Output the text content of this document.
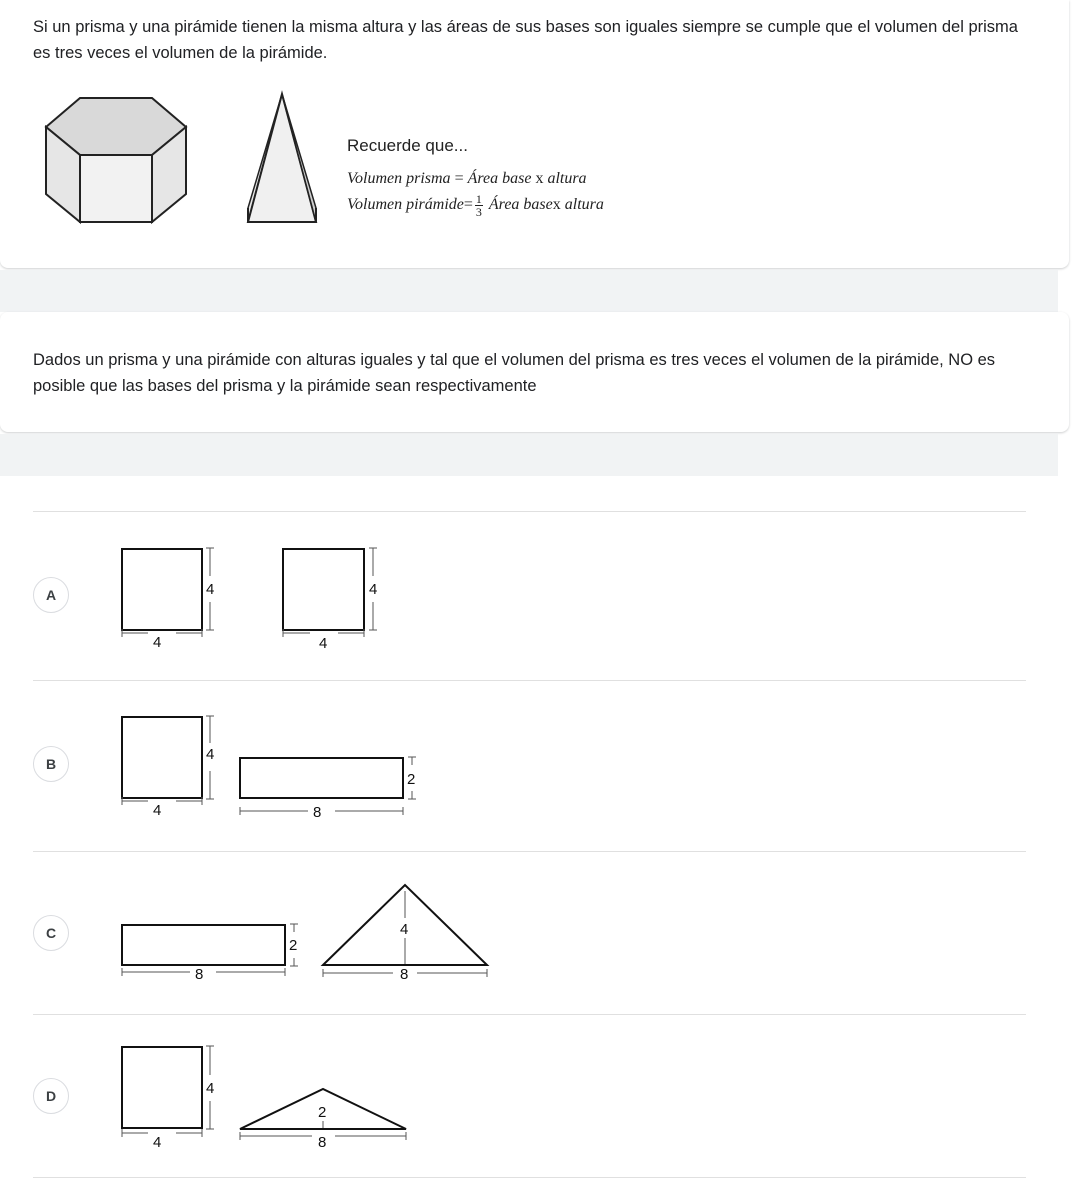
Si un prisma y una pirámide tienen la misma altura y las áreas de sus bases son iguales siempre se cumple que el volumen del prisma es tres veces el volumen de la pirámide.
Recuerde que...
Volumen prisma = Área base x altura
Volumen pirámide= $\frac{1}{3}$ Área basex altura
Dados un prisma y una pirámide con alturas iguales y tal que el volumen del prisma es tres veces el volumen de la pirámide, NO es posible que las bases del prisma y la pirámide sean respectivamente
A	4
4
4
4
B
4
4
2
8
C
2
8
4
8
D	4
4
2
8
